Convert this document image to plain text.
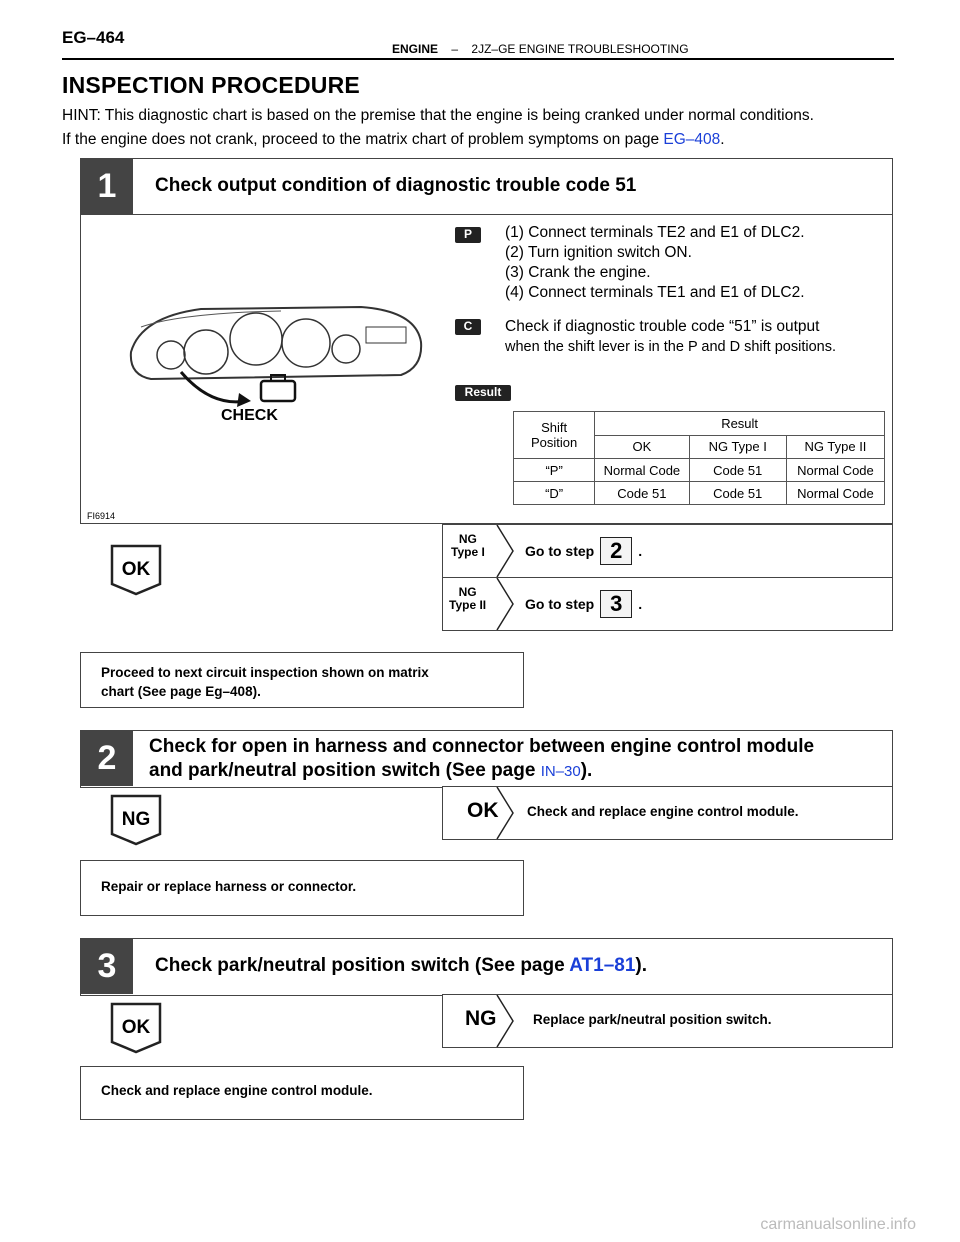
EG–464
ENGINE – 2JZ–GE ENGINE TROUBLESHOOTING
INSPECTION PROCEDURE
HINT: This diagnostic chart is based on the premise that the engine is being cranked under normal conditions.
If the engine does not crank, proceed to the matrix chart of problem symptoms on page EG–408.
1	Check output condition of diagnostic trouble code 51
CHECK
FI6914
P	(1) Connect terminals TE2 and E1 of DLC2.
(2) Turn ignition switch ON.
(3) Crank the engine.
(4) Connect terminals TE1 and E1 of DLC2.
C	Check if diagnostic trouble code “51” is output
when the shift lever is in the P and D shift positions.
Result
Shift
Position	Result		
	OK	NG Type I	NG Type II
“P”	Normal Code	Code 51	Normal Code
“D”	Code 51	Code 51	Normal Code
OK
NG
Type I	Go to step 2	.
NG
Type II	Go to step 3	.
Proceed to next circuit inspection shown on matrix
chart (See page Eg–408).
2	Check for open in harness and connector between engine control module
and park/neutral position switch (See page IN–30).
OK Check and replace engine control module.
NG
Repair or replace harness or connector.
3	Check park/neutral position switch (See page AT1–81).
NG	Replace park/neutral position switch.
OK
Check and replace engine control module.
carmanualsonline.info
